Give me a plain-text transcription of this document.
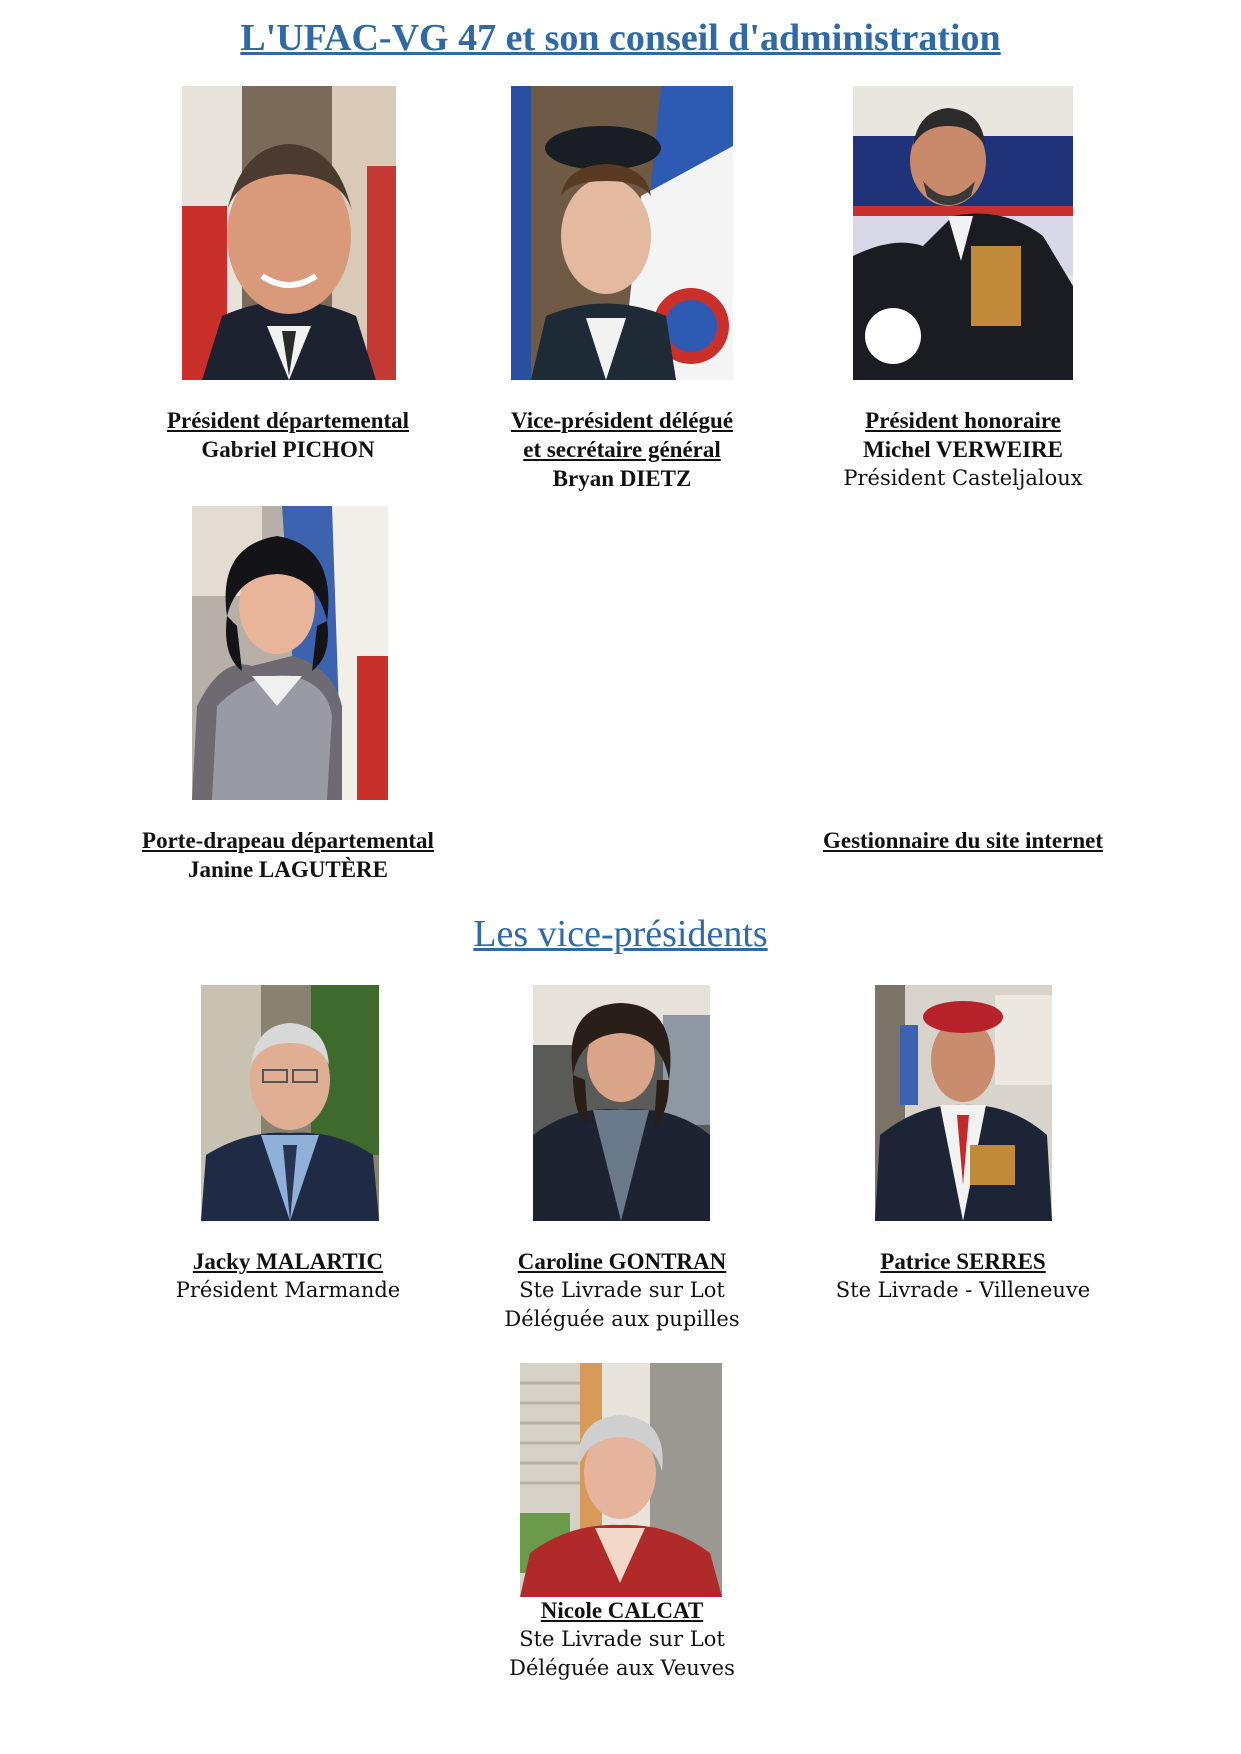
L'UFAC-VG 47 et son conseil d'administration
Président départemental
Gabriel PICHON
Vice-président délégué
et secrétaire général
Bryan DIETZ
Président honoraire
Michel VERWEIRE
Président Casteljaloux
Porte-drapeau départemental
Janine LAGUTÈRE
Gestionnaire du site internet
Les vice-présidents
Jacky MALARTIC
Président Marmande
Caroline GONTRAN
Ste Livrade sur Lot
Déléguée aux pupilles
Patrice SERRES
Ste Livrade - Villeneuve
Nicole CALCAT
Ste Livrade sur Lot
Déléguée aux Veuves
